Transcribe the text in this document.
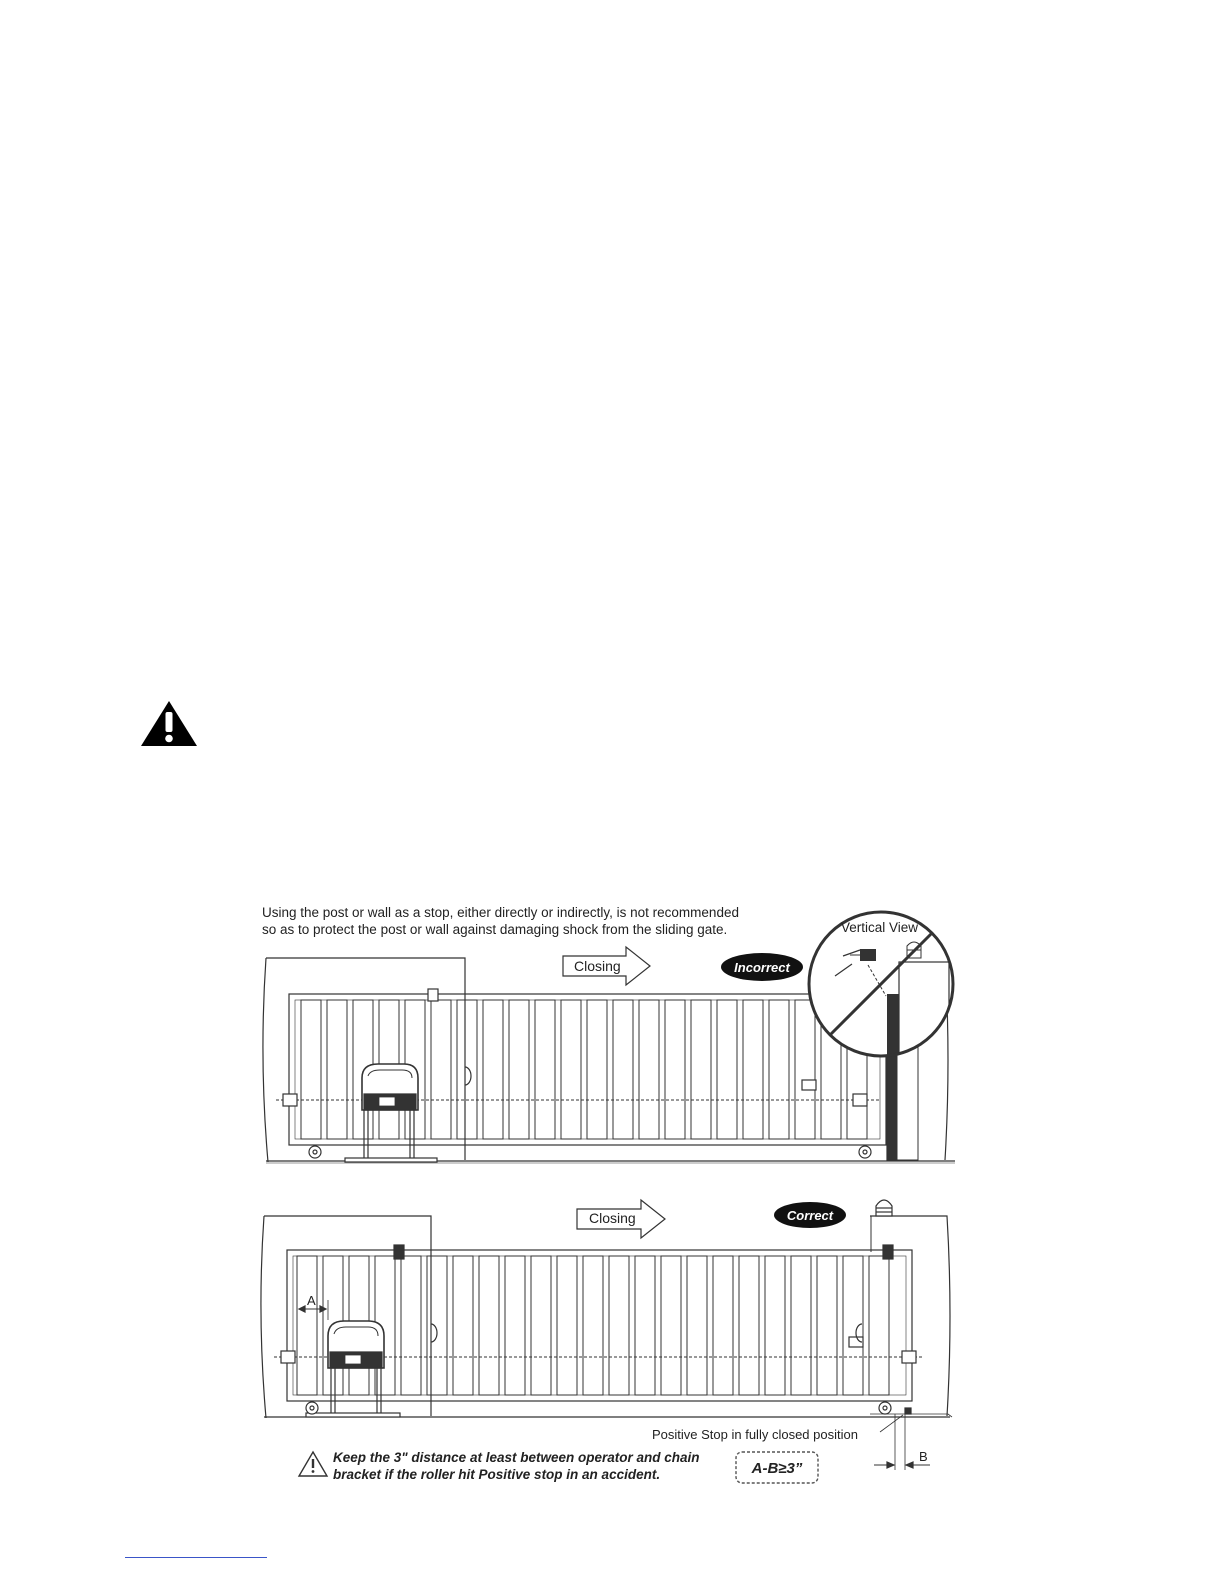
Using the post or wall as a stop, either directly or indirectly, is not recommended
so as to protect the post or wall against damaging shock from the sliding gate.
Closing	Incorrect
Vertical View
Closing	Correct
A
B
Positive Stop in fully closed position
Keep the 3" distance at least between operator and chain
bracket if the roller hit Positive stop in an accident.	A-B≥3”
